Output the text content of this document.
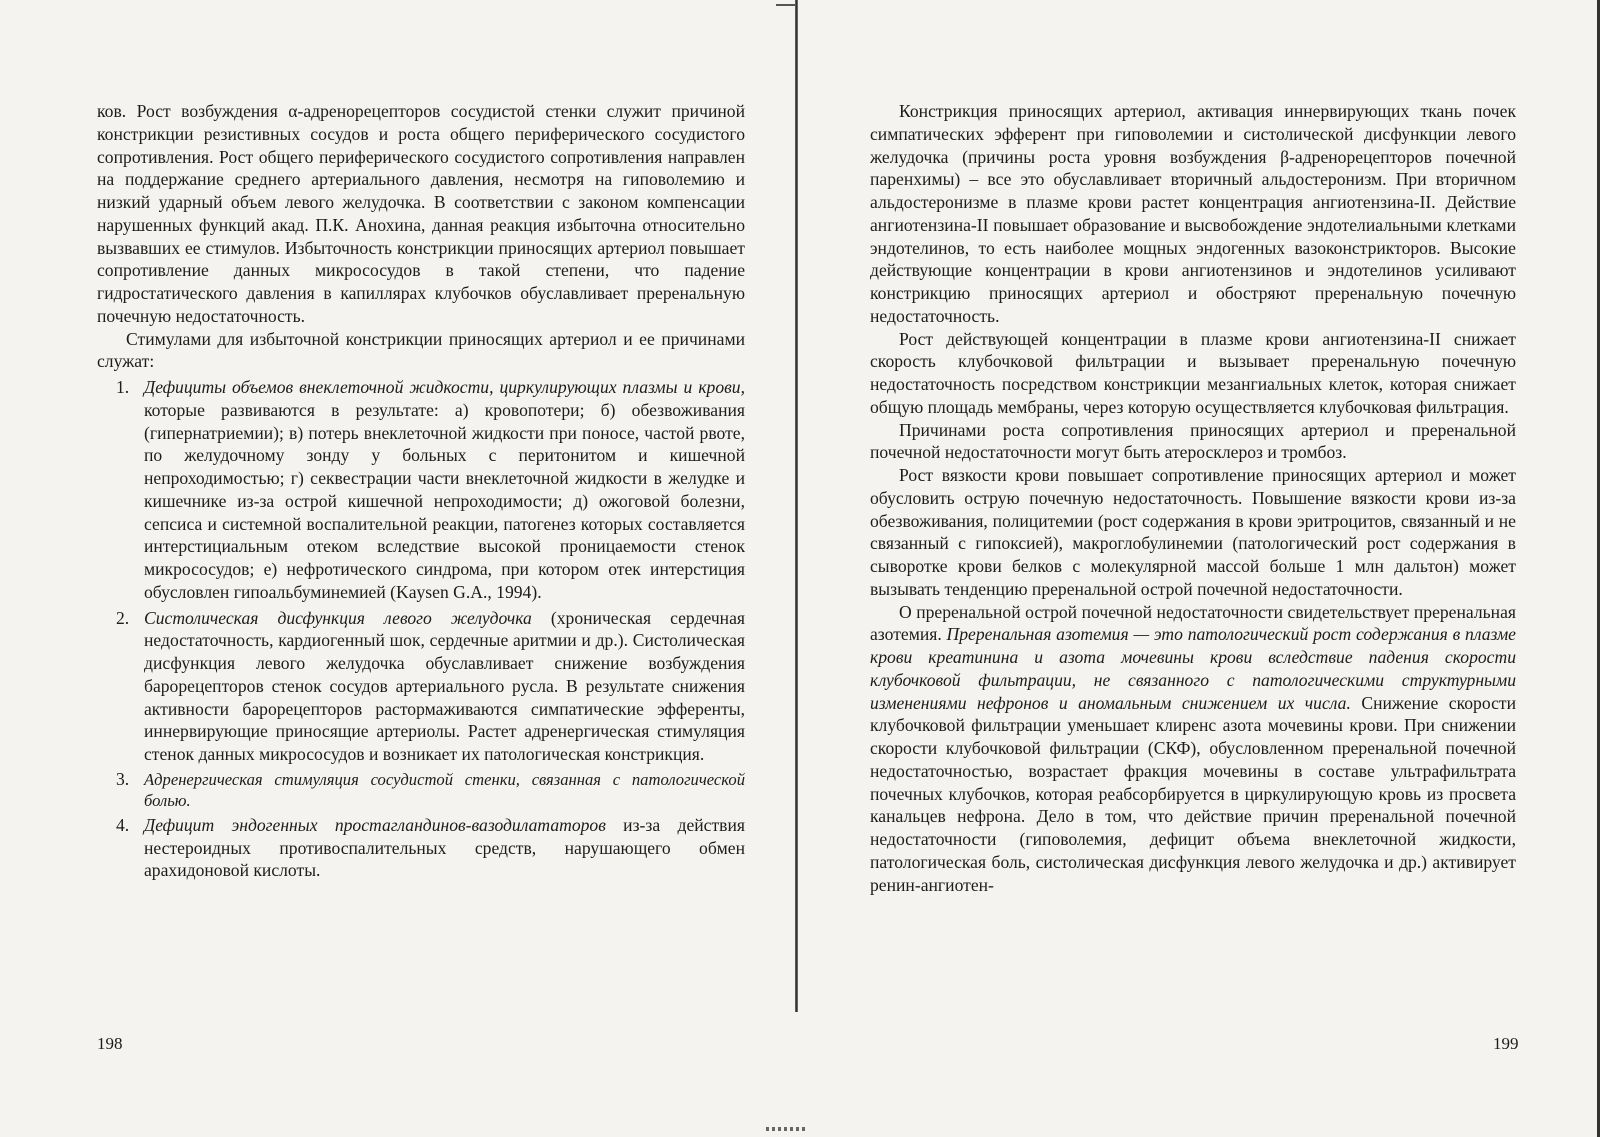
ков. Рост возбуждения α-адренорецепторов сосудистой стенки служит причиной констрикции резистивных сосудов и роста общего периферического сосудистого сопротивления. Рост общего периферического сосудистого сопротивления направлен на поддержание среднего артериального давления, несмотря на гиповолемию и низкий ударный объем левого желудочка. В соответствии с законом компенсации нарушенных функций акад. П.К. Анохина, данная реакция избыточна относительно вызвавших ее стимулов. Избыточность констрикции приносящих артериол повышает сопротивление данных микрососудов в такой степени, что падение гидростатического давления в капиллярах клубочков обуславливает преренальную почечную недостаточность.

Стимулами для избыточной констрикции приносящих артериол и ее причинами служат:

1. Дефициты объемов внеклеточной жидкости, циркулирующих плазмы и крови, которые развиваются в результате: а) кровопотери; б) обезвоживания (гипернатриемии); в) потерь внеклеточной жидкости при поносе, частой рвоте, по желудочному зонду у больных с перитонитом и кишечной непроходимостью; г) секвестрации части внеклеточной жидкости в желудке и кишечнике из-за острой кишечной непроходимости; д) ожоговой болезни, сепсиса и системной воспалительной реакции, патогенез которых составляется интерстициальным отеком вследствие высокой проницаемости стенок микрососудов; е) нефротического синдрома, при котором отек интерстиция обусловлен гипоальбуминемией (Kaysen G.A., 1994).
2. Систолическая дисфункция левого желудочка (хроническая сердечная недостаточность, кардиогенный шок, сердечные аритмии и др.). Систолическая дисфункция левого желудочка обуславливает снижение возбуждения барорецепторов стенок сосудов артериального русла. В результате снижения активности барорецепторов растормаживаются симпатические эфференты, иннервирующие приносящие артериолы. Растет адренергическая стимуляция стенок данных микрососудов и возникает их патологическая констрикция.
3. Адренергическая стимуляция сосудистой стенки, связанная с патологической болью.
4. Дефицит эндогенных простагландинов-вазодилататоров из-за действия нестероидных противоспалительных средств, нарушающего обмен арахидоновой кислоты.
198

Констрикция приносящих артериол, активация иннервирующих ткань почек симпатических эфферент при гиповолемии и систолической дисфункции левого желудочка (причины роста уровня возбуждения β-адренорецепторов почечной паренхимы) – все это обуславливает вторичный альдостеронизм. При вторичном альдостеронизме в плазме крови растет концентрация ангиотензина-II. Действие ангиотензина-II повышает образование и высвобождение эндотелиальными клетками эндотелинов, то есть наиболее мощных эндогенных вазоконстрикторов. Высокие действующие концентрации в крови ангиотензинов и эндотелинов усиливают констрикцию приносящих артериол и обостряют преренальную почечную недостаточность.

Рост действующей концентрации в плазме крови ангиотензина-II снижает скорость клубочковой фильтрации и вызывает преренальную почечную недостаточность посредством констрикции мезангиальных клеток, которая снижает общую площадь мембраны, через которую осуществляется клубочковая фильтрация.

Причинами роста сопротивления приносящих артериол и преренальной почечной недостаточности могут быть атеросклероз и тромбоз.

Рост вязкости крови повышает сопротивление приносящих артериол и может обусловить острую почечную недостаточность. Повышение вязкости крови из-за обезвоживания, полицитемии (рост содержания в крови эритроцитов, связанный и не связанный с гипоксией), макроглобулинемии (патологический рост содержания в сыворотке крови белков с молекулярной массой больше 1 млн дальтон) может вызывать тенденцию преренальной острой почечной недостаточности.

О преренальной острой почечной недостаточности свидетельствует преренальная азотемия. Преренальная азотемия — это патологический рост содержания в плазме крови креатинина и азота мочевины крови вследствие падения скорости клубочковой фильтрации, не связанного с патологическими структурными изменениями нефронов и аномальным снижением их числа. Снижение скорости клубочковой фильтрации уменьшает клиренс азота мочевины крови. При снижении скорости клубочковой фильтрации (СКФ), обусловленном преренальной почечной недостаточностью, возрастает фракция мочевины в составе ультрафильтрата почечных клубочков, которая реабсорбируется в циркулирующую кровь из просвета канальцев нефрона. Дело в том, что действие причин преренальной почечной недостаточности (гиповолемия, дефицит объема внеклеточной жидкости, патологическая боль, систолическая дисфункция левого желудочка и др.) активирует ренин-ангиотен-

199
